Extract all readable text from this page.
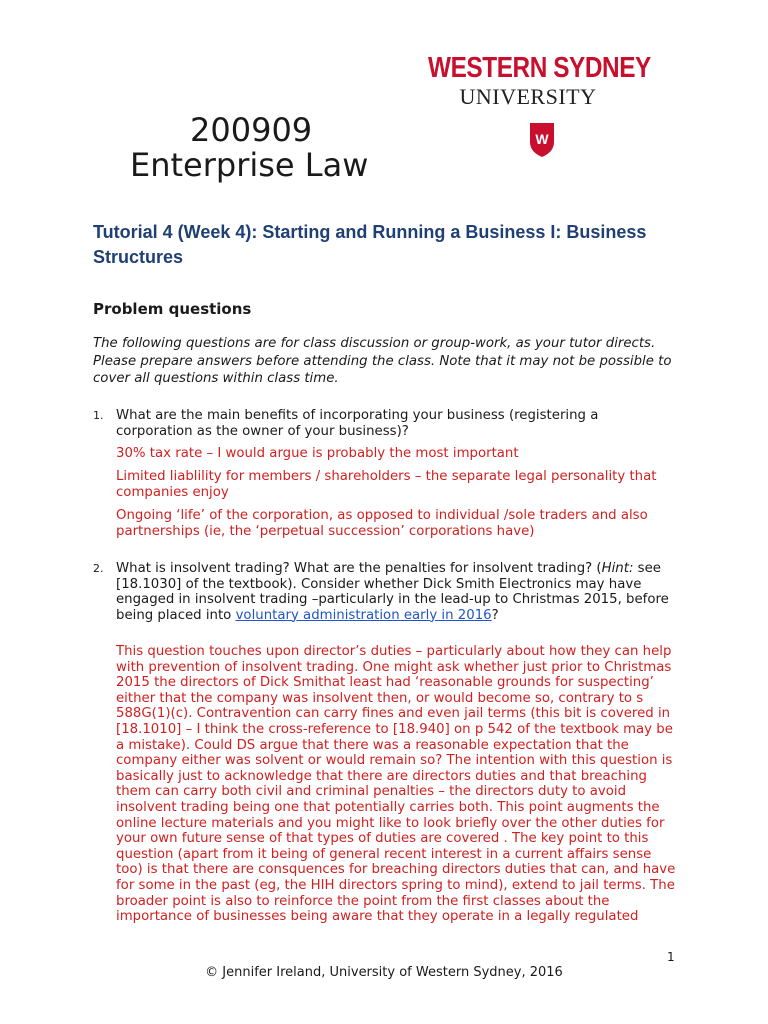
WESTERN SYDNEY
UNIVERSITY
W
200909
Enterprise Law
Tutorial 4 (Week 4): Starting and Running a Business I: Business Structures
Problem questions
The following questions are for class discussion or group-work, as your tutor directs. Please prepare answers before attending the class. Note that it may not be possible to cover all questions within class time.
1. What are the main benefits of incorporating your business (registering a corporation as the owner of your business)?
30% tax rate – I would argue is probably the most important
Limited liablility for members / shareholders – the separate legal personality that companies enjoy
Ongoing ‘life’ of the corporation, as opposed to individual /sole traders and also partnerships (ie, the ‘perpetual succession’ corporations have)
2. What is insolvent trading? What are the penalties for insolvent trading? (Hint: see [18.1030] of the textbook). Consider whether Dick Smith Electronics may have engaged in insolvent trading –particularly in the lead-up to Christmas 2015, before being placed into voluntary administration early in 2016?
This question touches upon director’s duties – particularly about how they can help with prevention of insolvent trading. One might ask whether just prior to Christmas 2015 the directors of Dick Smithat least had ‘reasonable grounds for suspecting’ either that the company was insolvent then, or would become so, contrary to s 588G(1)(c). Contravention can carry fines and even jail terms (this bit is covered in [18.1010] – I think the cross-reference to [18.940] on p 542 of the textbook may be a mistake). Could DS argue that there was a reasonable expectation that the company either was solvent or would remain so? The intention with this question is basically just to acknowledge that there are directors duties and that breaching them can carry both civil and criminal penalties – the directors duty to avoid insolvent trading being one that potentially carries both. This point augments the online lecture materials and you might like to look briefly over the other duties for your own future sense of that types of duties are covered . The key point to this question (apart from it being of general recent interest in a current affairs sense too) is that there are consquences for breaching directors duties that can, and have for some in the past (eg, the HIH directors spring to mind), extend to jail terms. The broader point is also to reinforce the point from the first classes about the importance of businesses being aware that they operate in a legally regulated
1
© Jennifer Ireland, University of Western Sydney, 2016
